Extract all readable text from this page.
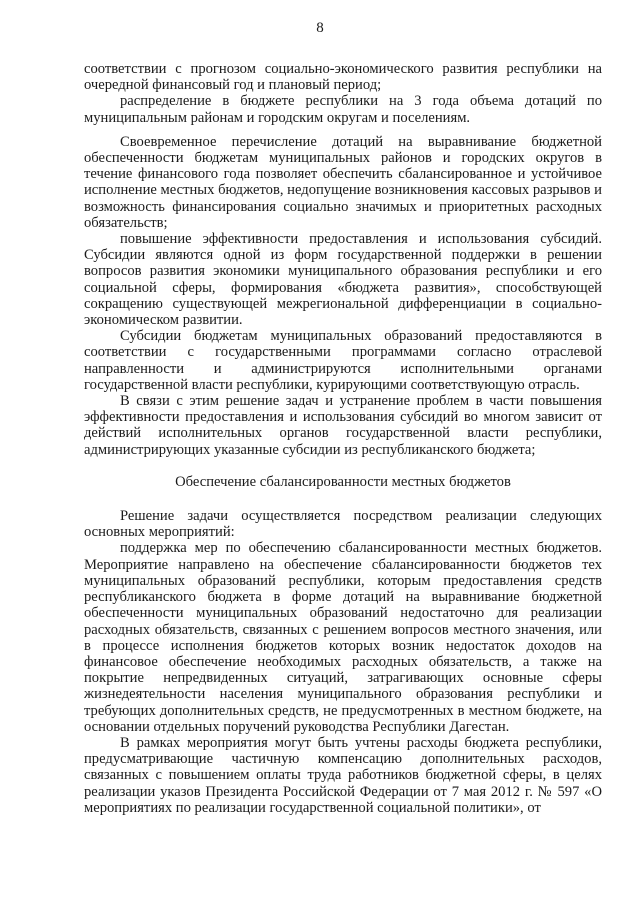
8

соответствии с прогнозом социально-экономического развития республики на очередной финансовый год и плановый период;

распределение в бюджете республики на 3 года объема дотаций по муниципальным районам и городским округам и поселениям.

Своевременное перечисление дотаций на выравнивание бюджетной обеспеченности бюджетам муниципальных районов и городских округов в течение финансового года позволяет обеспечить сбалансированное и устойчивое исполнение местных бюджетов, недопущение возникновения кассовых разрывов и возможность финансирования социально значимых и приоритетных расходных обязательств;

повышение эффективности предоставления и использования субсидий. Субсидии являются одной из форм государственной поддержки в решении вопросов развития экономики муниципального образования республики и его социальной сферы, формирования «бюджета развития», способствующей сокращению существующей межрегиональной дифференциации в социально-экономическом развитии.

Субсидии бюджетам муниципальных образований предоставляются в соответствии с государственными программами согласно отраслевой направленности и администрируются исполнительными органами государственной власти республики, курирующими соответствующую отрасль.

В связи с этим решение задач и устранение проблем в части повышения эффективности предоставления и использования субсидий во многом зависит от действий исполнительных органов государственной власти республики, администрирующих указанные субсидии из республиканского бюджета;

Обеспечение сбалансированности местных бюджетов

Решение задачи осуществляется посредством реализации следующих основных мероприятий:

поддержка мер по обеспечению сбалансированности местных бюджетов. Мероприятие направлено на обеспечение сбалансированности бюджетов тех муниципальных образований республики, которым предоставления средств республиканского бюджета в форме дотаций на выравнивание бюджетной обеспеченности муниципальных образований недостаточно для реализации расходных обязательств, связанных с решением вопросов местного значения, или в процессе исполнения бюджетов которых возник недостаток доходов на финансовое обеспечение необходимых расходных обязательств, а также на покрытие непредвиденных ситуаций, затрагивающих основные сферы жизнедеятельности населения муниципального образования республики и требующих дополнительных средств, не предусмотренных в местном бюджете, на основании отдельных поручений руководства Республики Дагестан.

В рамках мероприятия могут быть учтены расходы бюджета республики, предусматривающие частичную компенсацию дополнительных расходов, связанных с повышением оплаты труда работников бюджетной сферы, в целях реализации указов Президента Российской Федерации от 7 мая 2012 г. № 597 «О мероприятиях по реализации государственной социальной политики», от
